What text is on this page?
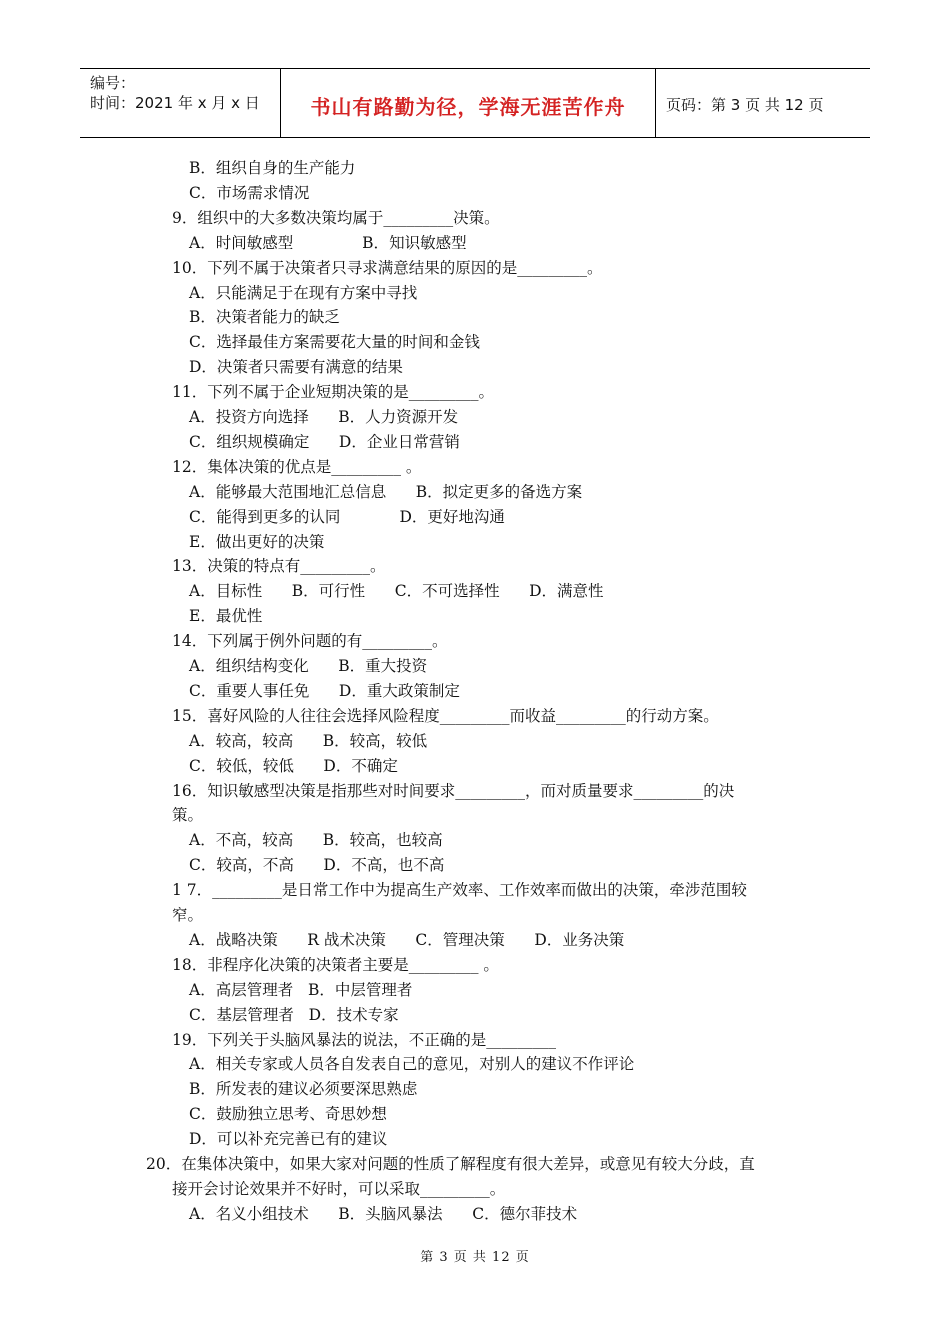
编号：
时间：2021 年 x 月 x 日	书山有路勤为径，学海无涯苦作舟	页码：第 3 页 共 12 页
B．组织自身的生产能力
C．市场需求情况
9．组织中的大多数决策均属于_________决策。
A．时间敏感型              B．知识敏感型
10．下列不属于决策者只寻求满意结果的原因的是_________。
A．只能满足于在现有方案中寻找
B．决策者能力的缺乏
C．选择最佳方案需要花大量的时间和金钱
D．决策者只需要有满意的结果
11．下列不属于企业短期决策的是_________。
A．投资方向选择      B．人力资源开发
C．组织规模确定      D．企业日常营销
12．集体决策的优点是_________ 。
A．能够最大范围地汇总信息      B．拟定更多的备选方案
C．能得到更多的认同            D．更好地沟通
E．做出更好的决策
13．决策的特点有_________。
A．目标性      B．可行性      C．不可选择性      D．满意性
E．最优性
14．下列属于例外问题的有_________。
A．组织结构变化      B．重大投资
C．重要人事任免      D．重大政策制定
15．喜好风险的人往往会选择风险程度_________而收益_________的行动方案。
A．较高，较高      B．较高，较低
C．较低，较低      D．不确定
16．知识敏感型决策是指那些对时间要求_________，而对质量要求_________的决
策。
A．不高，较高      B．较高，也较高
C．较高，不高      D．不高，也不高
1 7．_________是日常工作中为提高生产效率、工作效率而做出的决策，牵涉范围较
窄。
A．战略决策      R 战术决策      C．管理决策      D．业务决策
18．非程序化决策的决策者主要是_________ 。
A．高层管理者   B．中层管理者
C．基层管理者   D．技术专家
19．下列关于头脑风暴法的说法，不正确的是_________
A．相关专家或人员各自发表自己的意见，对别人的建议不作评论
B．所发表的建议必须要深思熟虑
C．鼓励独立思考、奇思妙想
D．可以补充完善已有的建议
20．在集体决策中，如果大家对问题的性质了解程度有很大差异，或意见有较大分歧，直
接开会讨论效果并不好时，可以采取_________。
A．名义小组技术      B．头脑风暴法      C．德尔菲技术
第 3 页 共 12 页
